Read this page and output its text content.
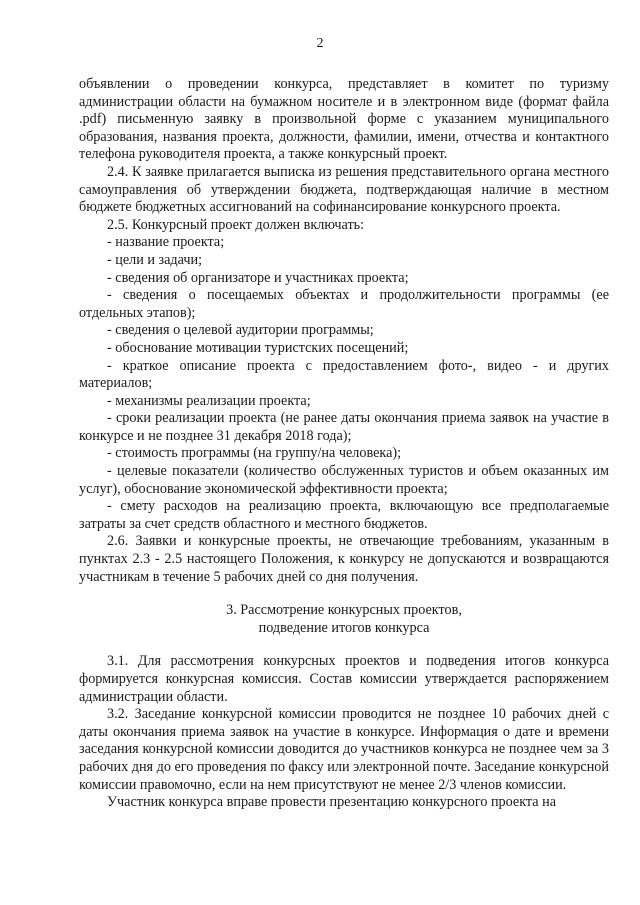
2

объявлении о проведении конкурса, представляет в комитет по туризму администрации области на бумажном носителе и в электронном виде (формат файла .pdf) письменную заявку в произвольной форме с указанием муниципального образования, названия проекта, должности, фамилии, имени, отчества и контактного телефона руководителя проекта, а также конкурсный проект.

2.4. К заявке прилагается выписка из решения представительного органа местного самоуправления об утверждении бюджета, подтверждающая наличие в местном бюджете бюджетных ассигнований на софинансирование конкурсного проекта.

2.5. Конкурсный проект должен включать:

- название проекта;

- цели и задачи;

- сведения об организаторе и участниках проекта;

- сведения о посещаемых объектах и продолжительности программы (ее отдельных этапов);

- сведения о целевой аудитории программы;

- обоснование мотивации туристских посещений;

- краткое описание проекта с предоставлением фото-, видео - и других материалов;

- механизмы реализации проекта;

- сроки реализации проекта (не ранее даты окончания приема заявок на участие в конкурсе и не позднее 31 декабря 2018 года);

- стоимость программы (на группу/на человека);

- целевые показатели (количество обслуженных туристов и объем оказанных им услуг), обоснование экономической эффективности проекта;

- смету расходов на реализацию проекта, включающую все предполагаемые затраты за счет средств областного и местного бюджетов.

2.6. Заявки и конкурсные проекты, не отвечающие требованиям, указанным в пунктах 2.3 - 2.5 настоящего Положения, к конкурсу не допускаются и возвращаются участникам в течение 5 рабочих дней со дня получения.

3. Рассмотрение конкурсных проектов,
подведение итогов конкурса

3.1. Для рассмотрения конкурсных проектов и подведения итогов конкурса формируется конкурсная комиссия. Состав комиссии утверждается распоряжением администрации области.

3.2. Заседание конкурсной комиссии проводится не позднее 10 рабочих дней с даты окончания приема заявок на участие в конкурсе. Информация о дате и времени заседания конкурсной комиссии доводится до участников конкурса не позднее чем за 3 рабочих дня до его проведения по факсу или электронной почте. Заседание конкурсной комиссии правомочно, если на нем присутствуют не менее 2/3 членов комиссии.

Участник конкурса вправе провести презентацию конкурсного проекта на
